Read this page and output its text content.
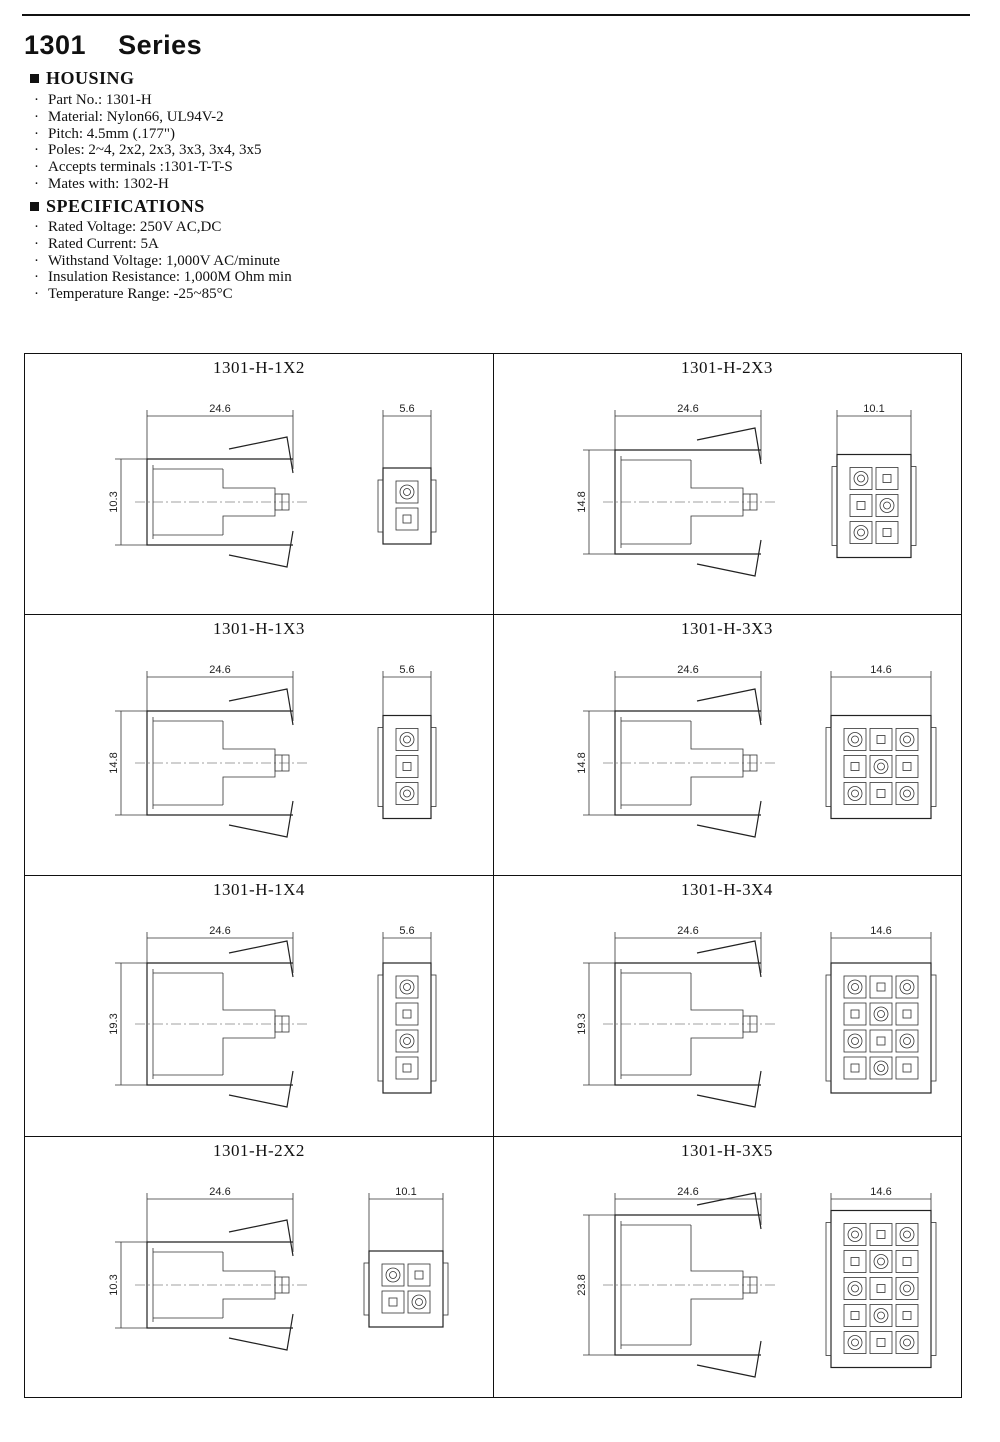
1301    Series
HOUSING
· Part No.: 1301-H
· Material: Nylon66, UL94V-2
· Pitch: 4.5mm (.177")
· Poles: 2~4, 2x2, 2x3, 3x3, 3x4, 3x5
· Accepts terminals :1301-T-T-S
· Mates with: 1302-H
SPECIFICATIONS
· Rated Voltage: 250V AC,DC
· Rated Current: 5A
· Withstand Voltage: 1,000V AC/minute
· Insulation Resistance: 1,000M Ohm min
· Temperature Range: -25~85°C
1301-H-1X2
24.6
10.3
5.6
1301-H-2X3
24.6
14.8
10.1
1301-H-1X3
24.6
14.8
5.6
1301-H-3X3
24.6
14.8
14.6
1301-H-1X4
24.6
19.3
5.6
1301-H-3X4
24.6
19.3
14.6
1301-H-2X2
24.6
10.3
10.1
1301-H-3X5
24.6
23.8
14.6
